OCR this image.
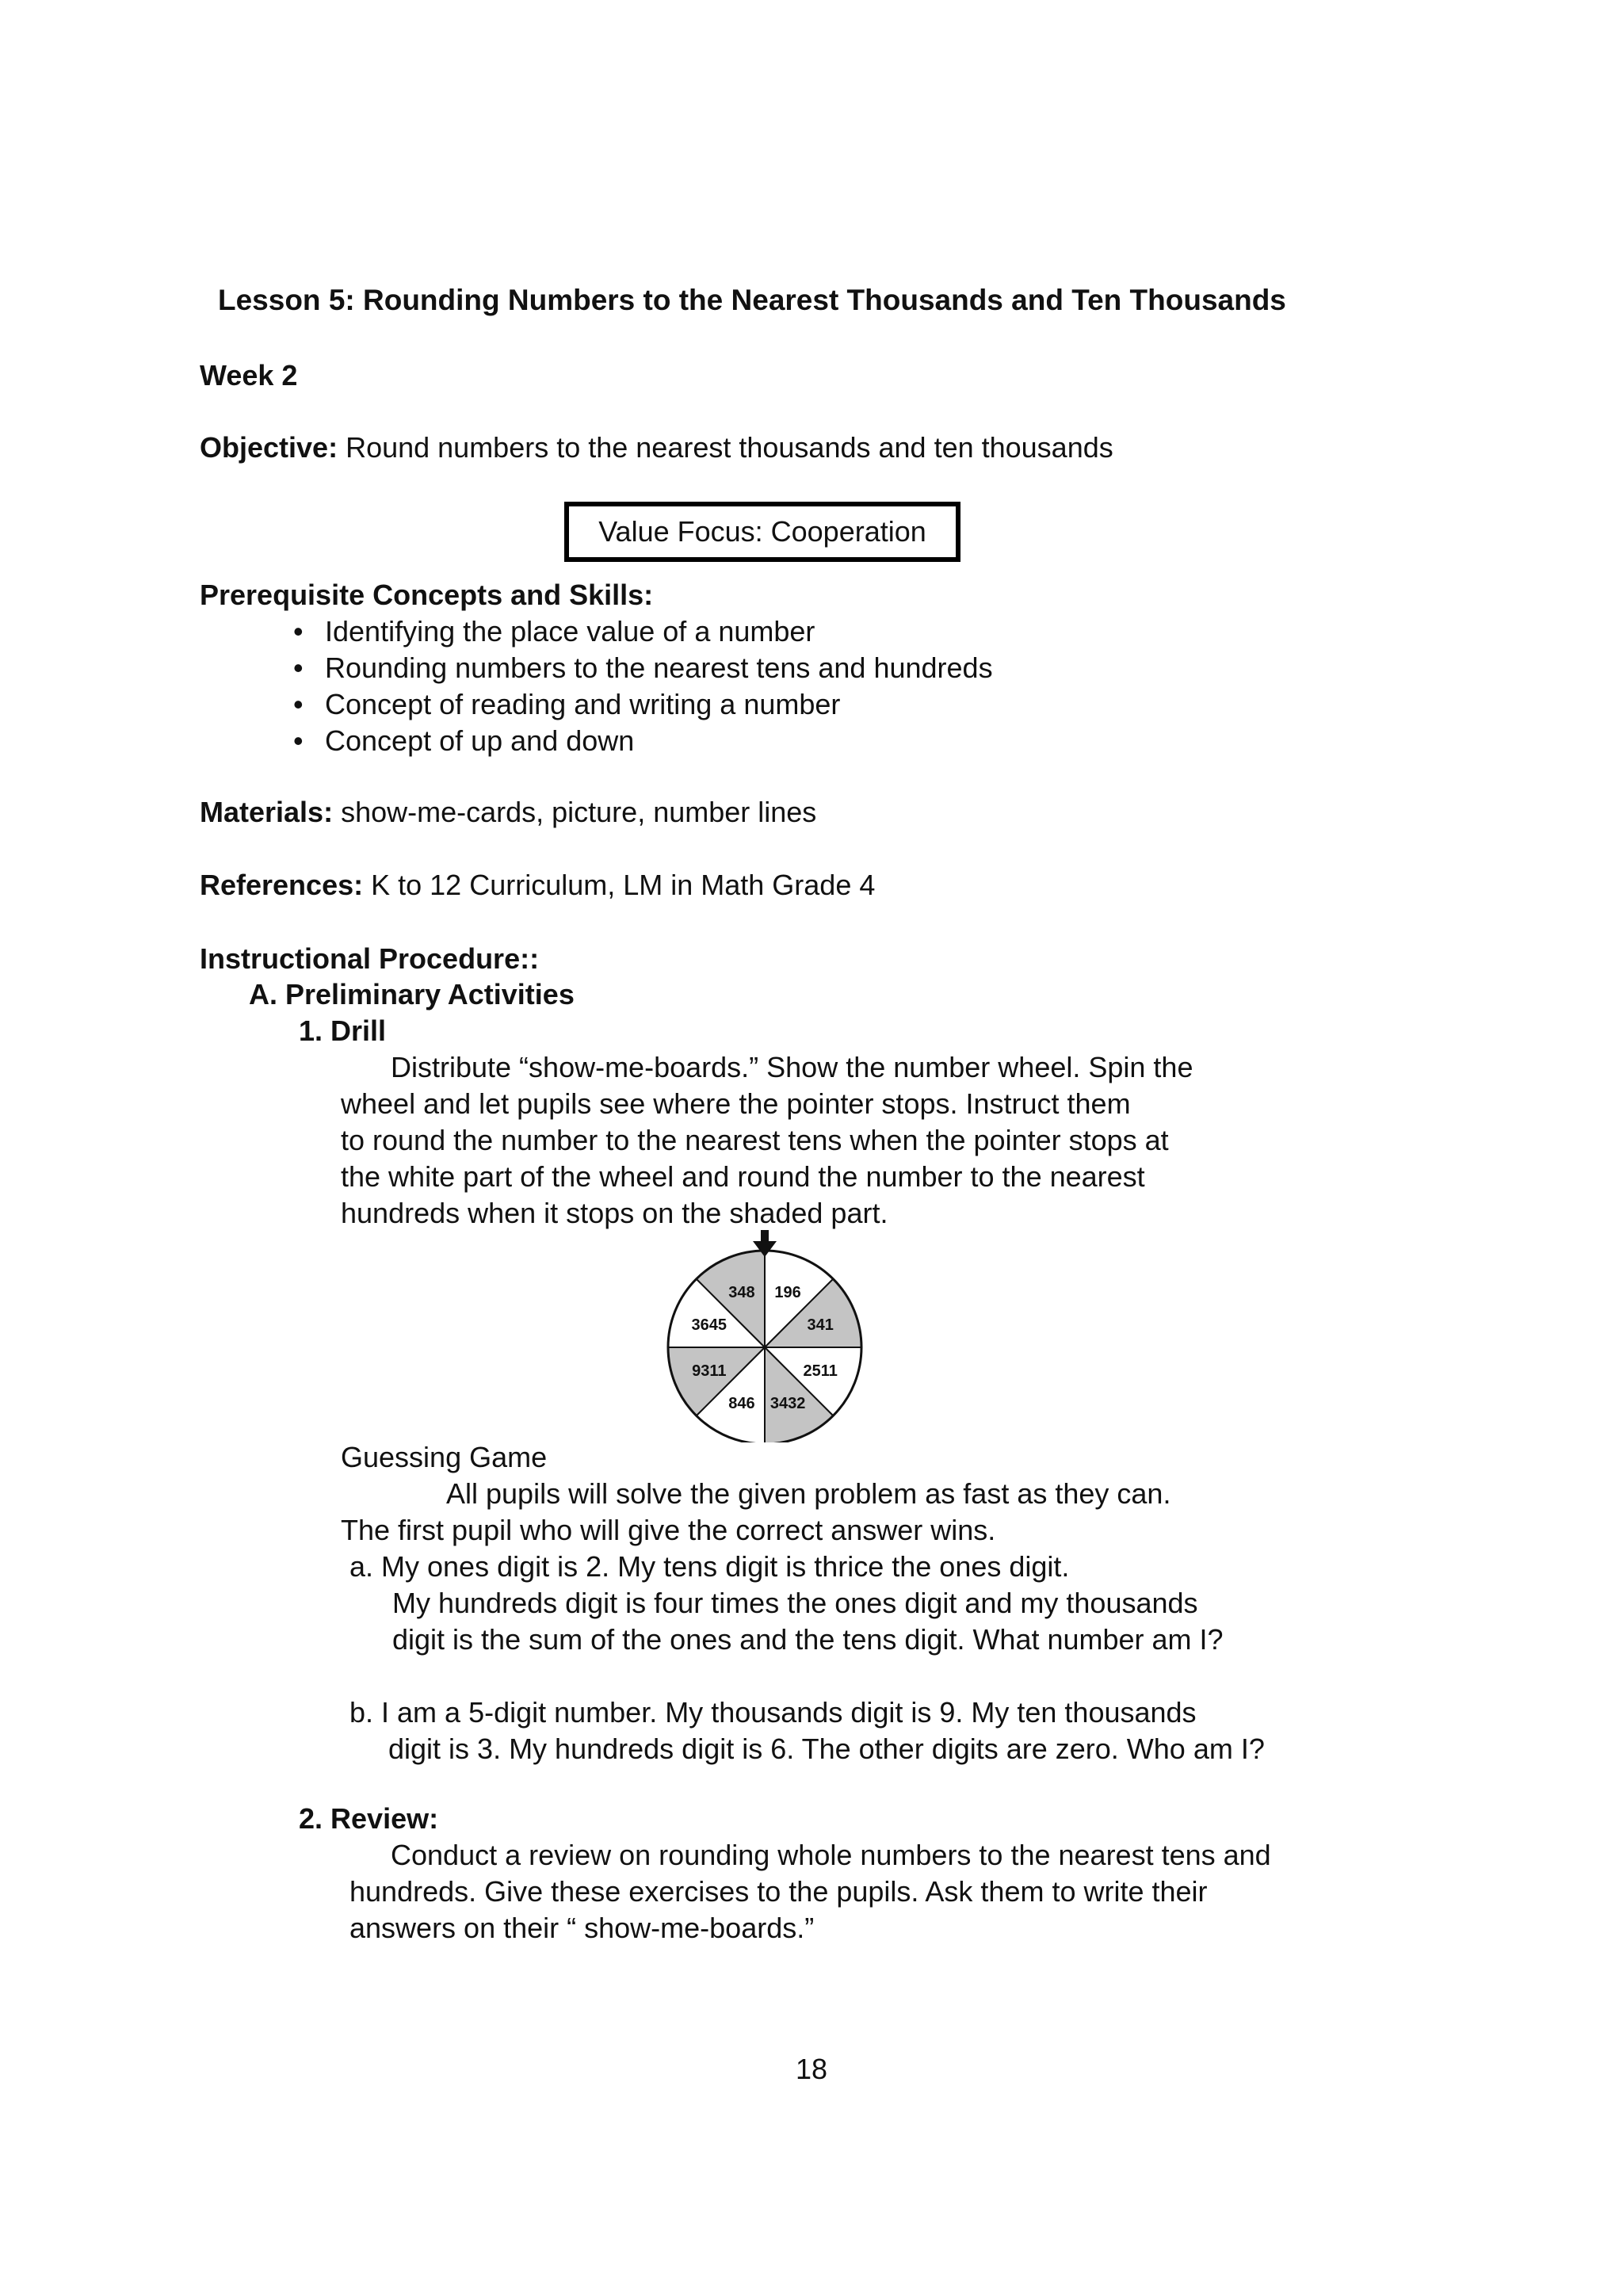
Lesson 5: Rounding Numbers to the Nearest Thousands and Ten Thousands
Week 2
Objective: Round numbers to the nearest thousands and ten thousands
Value Focus: Cooperation
Prerequisite Concepts and Skills:
• Identifying the place value of a number
• Rounding numbers to the nearest tens and hundreds
• Concept of reading and writing a number
• Concept of up and down
Materials: show-me-cards, picture, number lines
References: K to 12 Curriculum, LM in Math Grade 4
Instructional Procedure::
A. Preliminary Activities
1. Drill
Distribute “show-me-boards.” Show the number wheel. Spin the
wheel and let pupils see where the pointer stops. Instruct them
to round the number to the nearest tens when the pointer stops at
the white part of the wheel and round the number to the nearest
hundreds when it stops on the shaded part.
196
341
2511
3432
846
9311
3645
348
Guessing Game
All pupils will solve the given problem as fast as they can.
The first pupil who will give the correct answer wins.
a. My ones digit is 2. My tens digit is thrice the ones digit.
My hundreds digit is four times the ones digit and my thousands
digit is the sum of the ones and the tens digit. What number am I?
b. I am a 5-digit number. My thousands digit is 9. My ten thousands
digit is 3. My hundreds digit is 6. The other digits are zero. Who am I?
2. Review:
Conduct a review on rounding whole numbers to the nearest tens and
hundreds. Give these exercises to the pupils. Ask them to write their
answers on their “ show-me-boards.”
18
